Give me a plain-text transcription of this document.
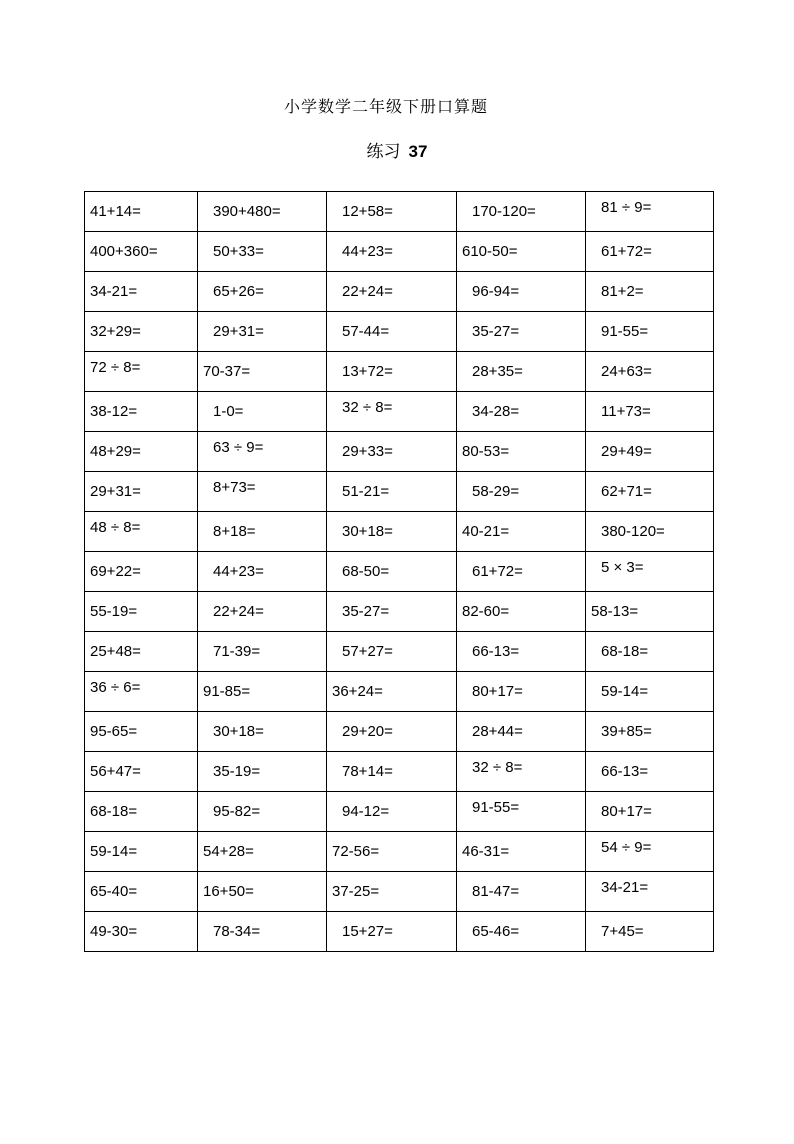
小学数学二年级下册口算题
练习 37
41+14=	390+480=	12+58=	170-120=	81 ÷ 9=
400+360=	50+33=	44+23=	610-50=	61+72=
34-21=	65+26=	22+24=	96-94=	81+2=
32+29=	29+31=	57-44=	35-27=	91-55=
72 ÷ 8=	70-37=	13+72=	28+35=	24+63=
38-12=	1-0=	32 ÷ 8=	34-28=	11+73=
48+29=	63 ÷ 9=	29+33=	80-53=	29+49=
29+31=	8+73=	51-21=	58-29=	62+71=
48 ÷ 8=	8+18=	30+18=	40-21=	380-120=
69+22=	44+23=	68-50=	61+72=	5 × 3=
55-19=	22+24=	35-27=	82-60=	58-13=
25+48=	71-39=	57+27=	66-13=	68-18=
36 ÷ 6=	91-85=	36+24=	80+17=	59-14=
95-65=	30+18=	29+20=	28+44=	39+85=
56+47=	35-19=	78+14=	32 ÷ 8=	66-13=
68-18=	95-82=	94-12=	91-55=	80+17=
59-14=	54+28=	72-56=	46-31=	54 ÷ 9=
65-40=	16+50=	37-25=	81-47=	34-21=
49-30=	78-34=	15+27=	65-46=	7+45=
